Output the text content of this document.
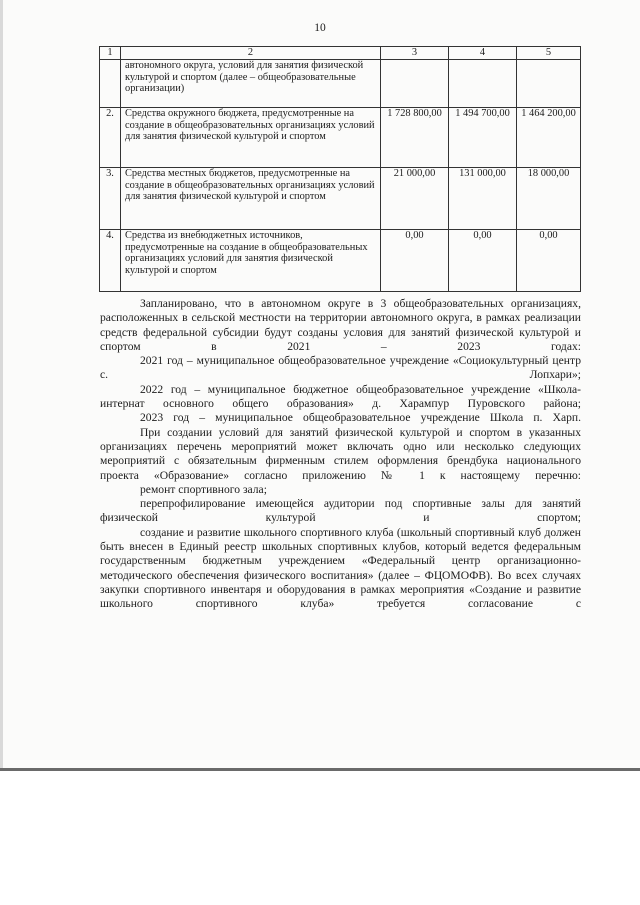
10
1	2	3	4	5
	автономного округа, условий для занятия физической культурой и спортом (далее – общеобразовательные организации)			
2.	Средства окружного бюджета, предусмотренные на создание в общеобразовательных организациях условий для занятия физической культурой и спортом	1 728 800,00	1 494 700,00	1 464 200,00
3.	Средства местных бюджетов, предусмотренные на создание в общеобразовательных организациях условий для занятия физической культурой и спортом	21 000,00	131 000,00	18 000,00
4.	Средства из внебюджетных источников, предусмотренные на создание в общеобразовательных организациях условий для занятия физической культурой и спортом	0,00	0,00	0,00

Запланировано, что в автономном округе в 3 общеобразовательных организациях, расположенных в сельской местности на территории автономного округа, в рамках реализации средств федеральной субсидии будут созданы условия для занятий физической культурой и спортом в 2021 – 2023 годах:

2021 год – муниципальное общеобразовательное учреждение «Социокультурный центр с. Лопхари»;

2022 год – муниципальное бюджетное общеобразовательное учреждение «Школа-интернат основного общего образования» д. Харампур Пуровского района;

2023 год – муниципальное общеобразовательное учреждение Школа п. Харп.

При создании условий для занятий физической культурой и спортом в указанных организациях перечень мероприятий может включать одно или несколько следующих мероприятий с обязательным фирменным стилем оформления брендбука национального проекта «Образование» согласно приложению № 1 к настоящему перечню:

ремонт спортивного зала;

перепрофилирование имеющейся аудитории под спортивные залы для занятий физической культурой и спортом;

создание и развитие школьного спортивного клуба (школьный спортивный клуб должен быть внесен в Единый реестр школьных спортивных клубов, который ведется федеральным государственным бюджетным учреждением «Федеральный центр организационно-методического обеспечения физического воспитания» (далее – ФЦОМОФВ). Во всех случаях закупки спортивного инвентаря и оборудования в рамках мероприятия «Создание и развитие школьного спортивного клуба» требуется согласование с
